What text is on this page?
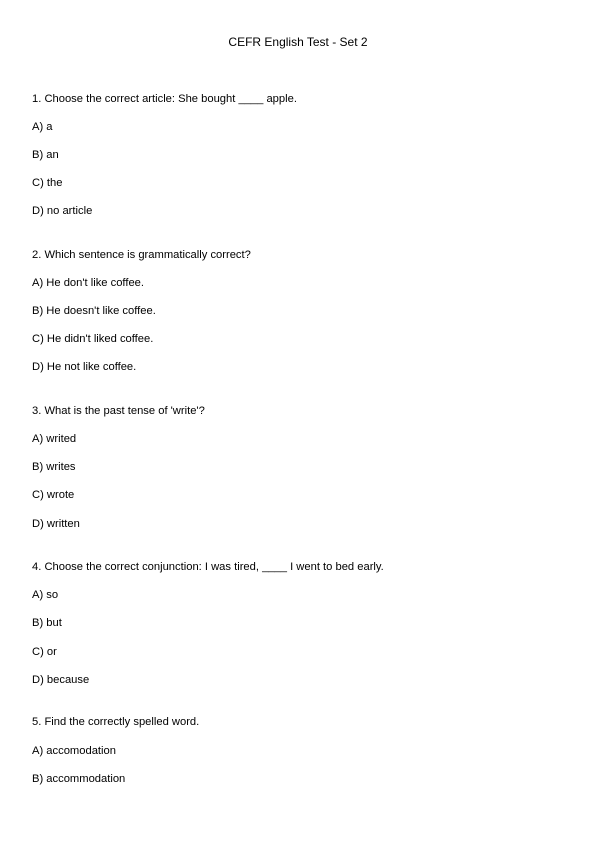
CEFR English Test - Set 2
1. Choose the correct article: She bought ____ apple.
A) a
B) an
C) the
D) no article
2. Which sentence is grammatically correct?
A) He don't like coffee.
B) He doesn't like coffee.
C) He didn't liked coffee.
D) He not like coffee.
3. What is the past tense of 'write'?
A) writed
B) writes
C) wrote
D) written
4. Choose the correct conjunction: I was tired, ____ I went to bed early.
A) so
B) but
C) or
D) because
5. Find the correctly spelled word.
A) accomodation
B) accommodation
